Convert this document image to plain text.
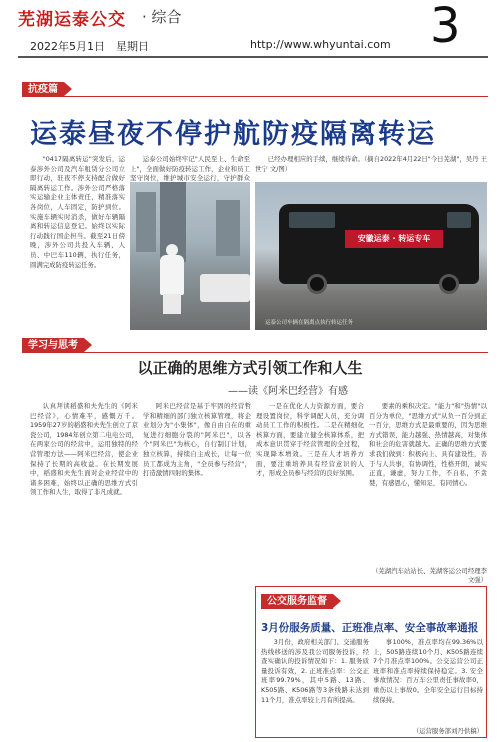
芜湖运泰公交 · 综合
2022年5月1日　星期日	http://www.whyuntai.com 3
抗疫篇
运泰昼夜不停护航防疫隔离转运

"0417隔离转运"突发后，运泰涉外公司及汽车租赁分公司立即行动，驻夜不停支持配合做好隔离转运工作。涉外公司严格落实运输企业主体责任，精准落实各岗位，人车固定，防护到位。实施车辆实时消杀，做好车辆隔离和转运信息登记。始终以实际行动践行国企担当。截至21日傍晚，涉外公司共投入车辆、人员、中巴车110辆，执行任务，圆满完成防疫转运任务。

运泰公司始终牢记"人民至上、生命至上"，全面做好防疫转运工作，企业和员工坚守岗位，维护城市安全运行，守护群众

已经办理相应的手续，继续待命。（摘自2022年4月22日"今日芜湖"，吴丹 王世宁 文/图）

安徽运泰 · 转运专车
运泰公司车辆在隔离点执行转运任务
学习与思考
以正确的思维方式引领工作和人生
——读《阿米巴经营》有感

认真拜读稻盛和夫先生的《阿米巴经营》，心情难平，感慨万千。1959年27岁的稻盛和夫先生创立了京瓷公司，1984年创立第二电电公司，在两家公司的经营中，运用独特的经营管理方法——阿米巴经营，使企业保持了长期的高收益。在长期发展中，稻盛和夫先生面对企业经营中的诸多困难，始终以正确的思维方式引领工作和人生，取得了非凡成就。

阿米巴经营是基于牢固的经营哲学和精细的部门独立核算管理，将企业划分为"小集体"，像自由自在的重复进行细胞分裂的"阿米巴"，以各个"阿米巴"为核心，自行制订计划，独立核算，持续自主成长，让每一位员工都成为主角，"全员参与经营"，打造激情四射的集体。

一是在优化人力资源方面，要合理设置岗位，科学调配人员，充分调动员工工作的积极性。二是在精细化核算方面，要建立健全核算体系，把成本意识贯穿于经营管理的全过程，实现降本增效。三是在人才培养方面，要注重培养具有经营意识的人才，形成全员参与经营的良好氛围。

要素的乘积决定。"能力"和"热情"以百分为单位，"思维方式"从负一百分到正一百分，思维方式是最重要的，因为思维方式错误，能力越强、热情越高，对集体和社会的危害就越大。正确的思维方式要求我们做到：积极向上、具有建设性，善于与人共事，有协调性，性格开朗，诚实正直，谦虚，努力工作，不自私，不贪婪，有感恩心，懂知足，有同情心。

（芜湖汽车站站长、芜湖客运公司经理李文强）
公交服务监督
3月份服务质量、正班准点率、安全事故率通报

3月份，政府相关部门、交通服务热线移送的涉及我公司服务投诉，经查实确认的投诉情况如下：1. 服务质量投诉有效，2. 正班准点率：公交正班率99.79%，其中5路、13路、K505路、K506路等3条线路未达到11个月，准点率较上月有所提高。

事100%，准点率均在99.36%以上，505路连续10个月、K505路连续7个月准点率100%。公交运营公司正班率和准点率持续保持稳定。3. 安全事故情况：百万车公里责任事故率0，重伤以上事故0。全年安全运行目标持续保持。

（运营服务部刘丹供稿）
